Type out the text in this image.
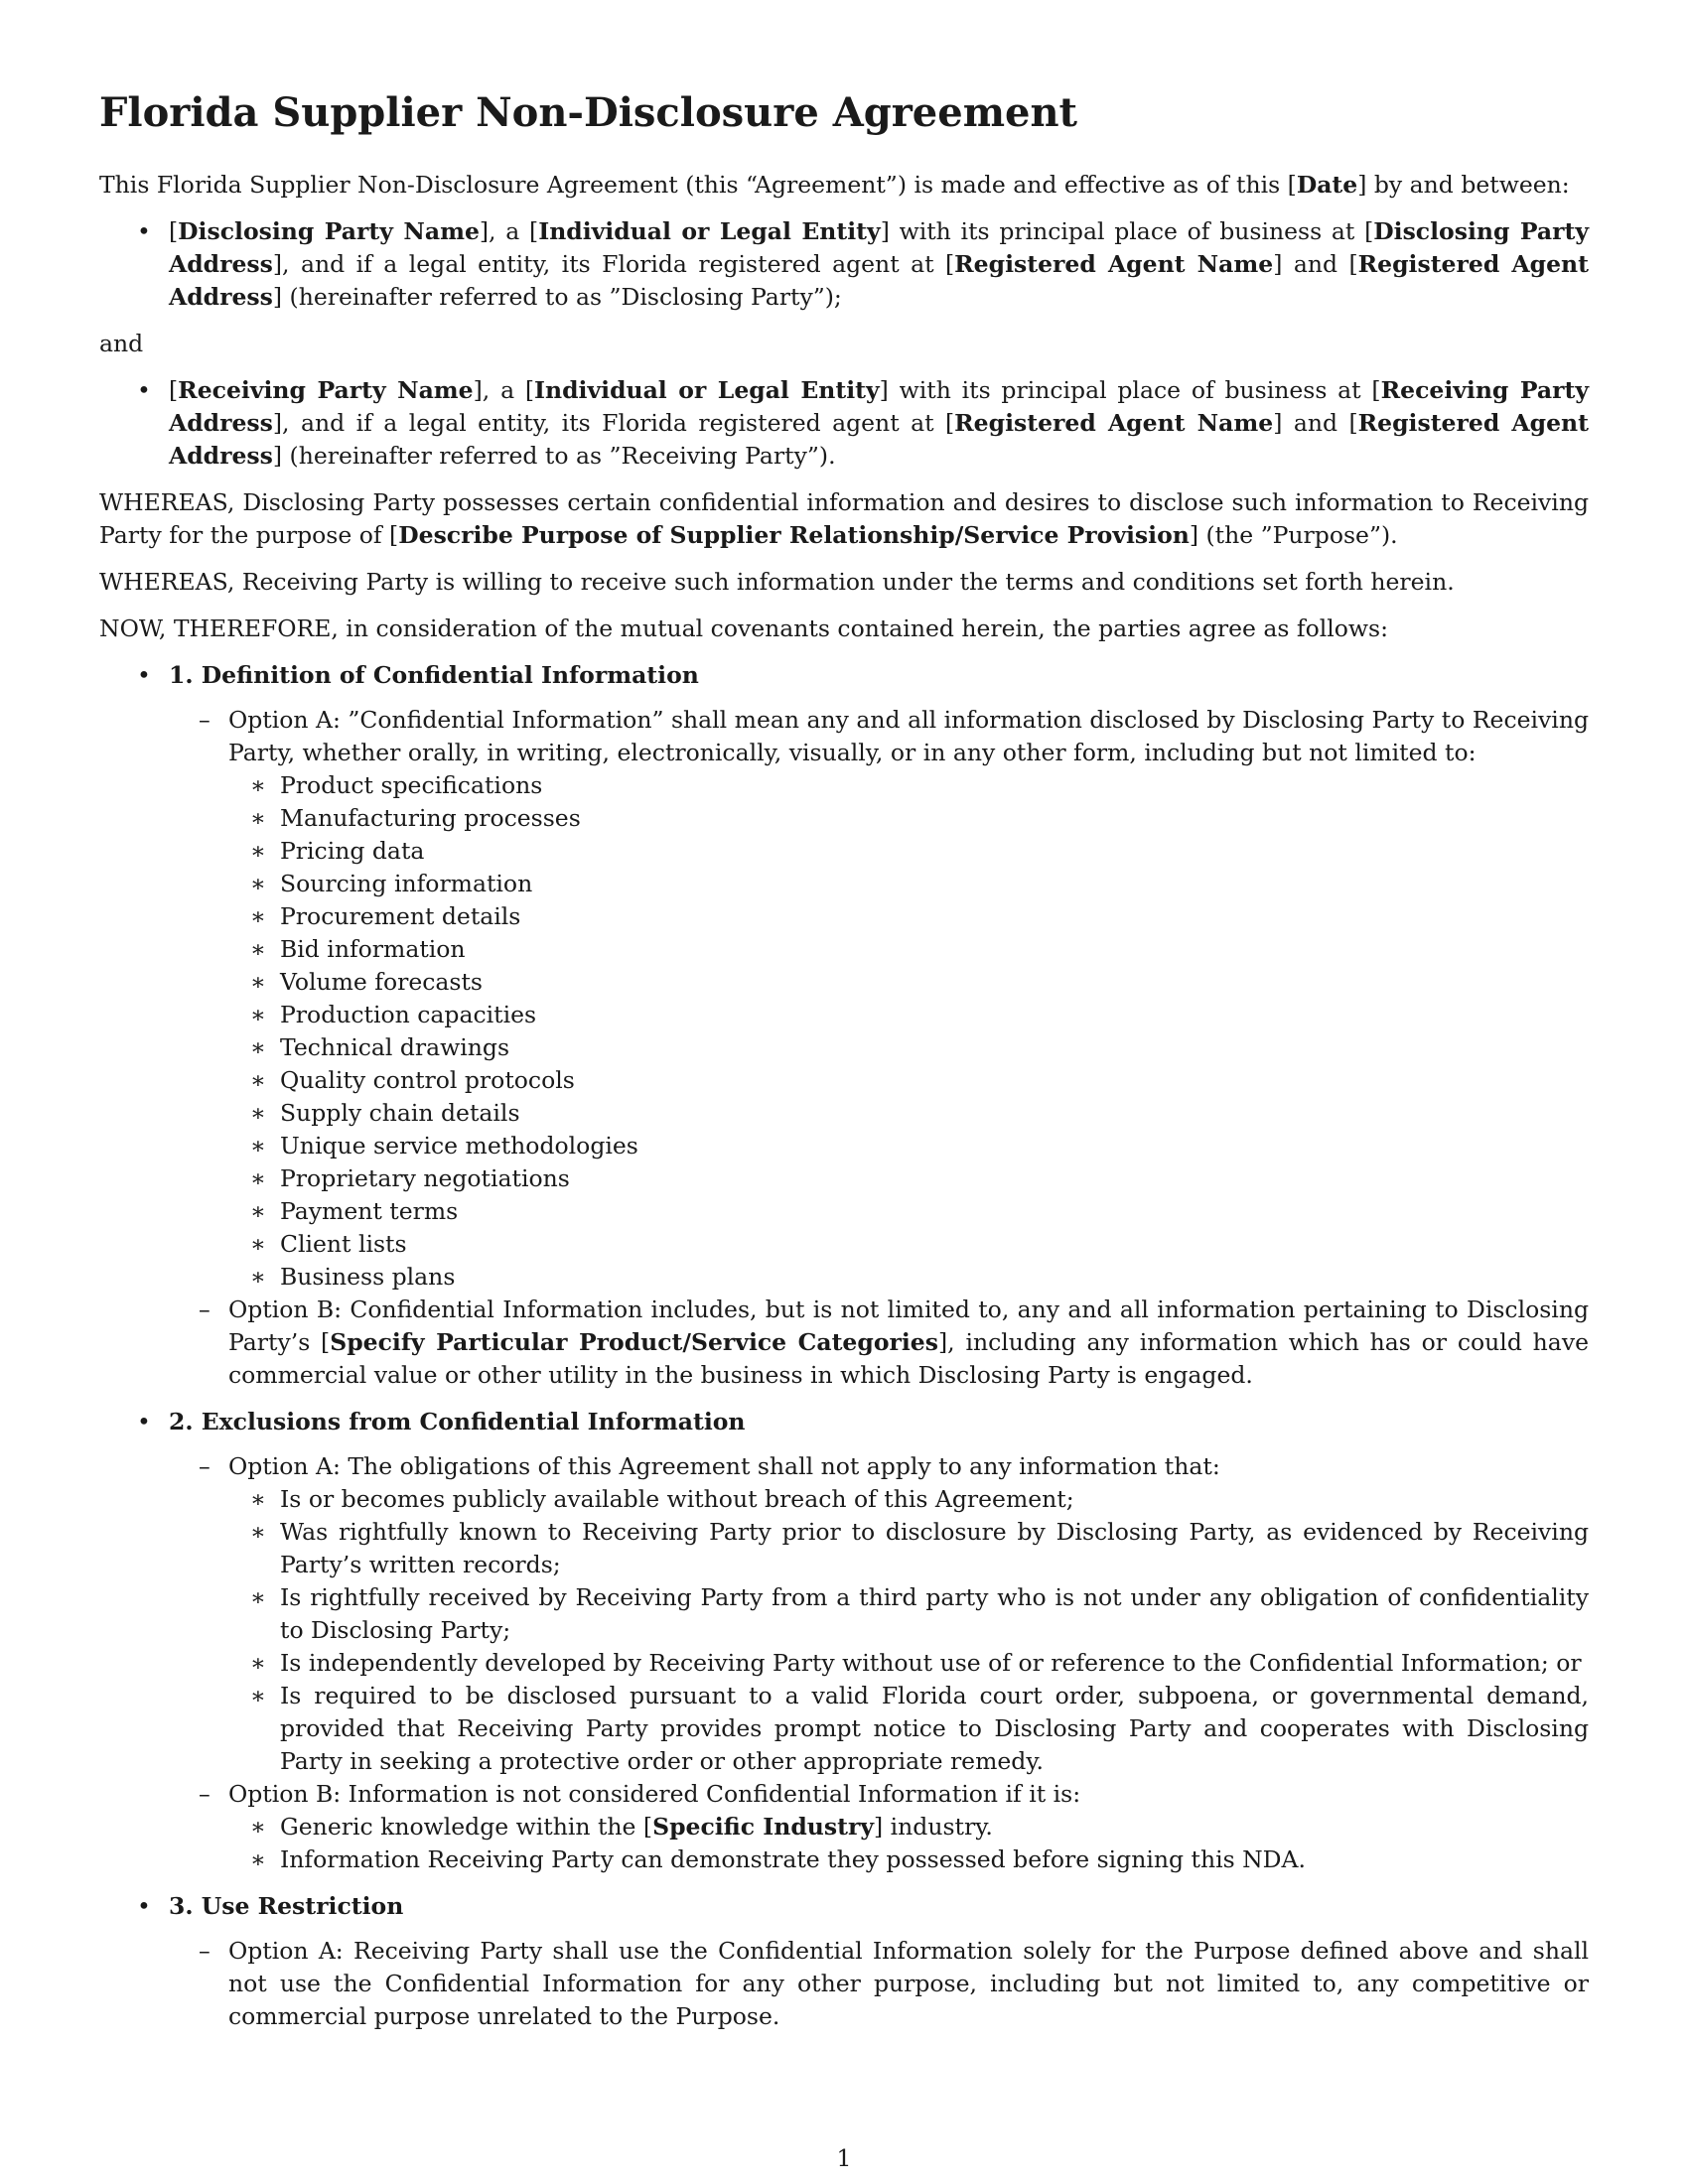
Florida Supplier Non-Disclosure Agreement

This Florida Supplier Non-Disclosure Agreement (this “Agreement”) is made and effective as of this [Date] by and between:

• [Disclosing Party Name], a [Individual or Legal Entity] with its principal place of business at [Disclosing Party Address], and if a legal entity, its Florida registered agent at [Registered Agent Name] and [Registered Agent Address] (hereinafter referred to as ”Disclosing Party”);

and

• [Receiving Party Name], a [Individual or Legal Entity] with its principal place of business at [Receiving Party Address], and if a legal entity, its Florida registered agent at [Registered Agent Name] and [Registered Agent Address] (hereinafter referred to as ”Receiving Party”).

WHEREAS, Disclosing Party possesses certain confidential information and desires to disclose such information to Receiving Party for the purpose of [Describe Purpose of Supplier Relationship/Service Provision] (the ”Purpose”).

WHEREAS, Receiving Party is willing to receive such information under the terms and conditions set forth herein.

NOW, THEREFORE, in consideration of the mutual covenants contained herein, the parties agree as follows:

• 1. Definition of Confidential Information
– Option A: ”Confidential Information” shall mean any and all information disclosed by Disclosing Party to Receiving Party, whether orally, in writing, electronically, visually, or in any other form, including but not limited to:
∗ Product specifications
∗ Manufacturing processes
∗ Pricing data
∗ Sourcing information
∗ Procurement details
∗ Bid information
∗ Volume forecasts
∗ Production capacities
∗ Technical drawings
∗ Quality control protocols
∗ Supply chain details
∗ Unique service methodologies
∗ Proprietary negotiations
∗ Payment terms
∗ Client lists
∗ Business plans
– Option B: Confidential Information includes, but is not limited to, any and all information pertaining to Disclosing Party’s [Specify Particular Product/Service Categories], including any information which has or could have commercial value or other utility in the business in which Disclosing Party is engaged.
• 2. Exclusions from Confidential Information
– Option A: The obligations of this Agreement shall not apply to any information that:
∗ Is or becomes publicly available without breach of this Agreement;
∗ Was rightfully known to Receiving Party prior to disclosure by Disclosing Party, as evidenced by Receiving Party’s written records;
∗ Is rightfully received by Receiving Party from a third party who is not under any obligation of confidentiality to Disclosing Party;
∗ Is independently developed by Receiving Party without use of or reference to the Confidential Information; or
∗ Is required to be disclosed pursuant to a valid Florida court order, subpoena, or governmental demand, provided that Receiving Party provides prompt notice to Disclosing Party and cooperates with Disclosing Party in seeking a protective order or other appropriate remedy.
– Option B: Information is not considered Confidential Information if it is:
∗ Generic knowledge within the [Specific Industry] industry.
∗ Information Receiving Party can demonstrate they possessed before signing this NDA.
• 3. Use Restriction
– Option A: Receiving Party shall use the Confidential Information solely for the Purpose defined above and shall not use the Confidential Information for any other purpose, including but not limited to, any competitive or commercial purpose unrelated to the Purpose.
1
